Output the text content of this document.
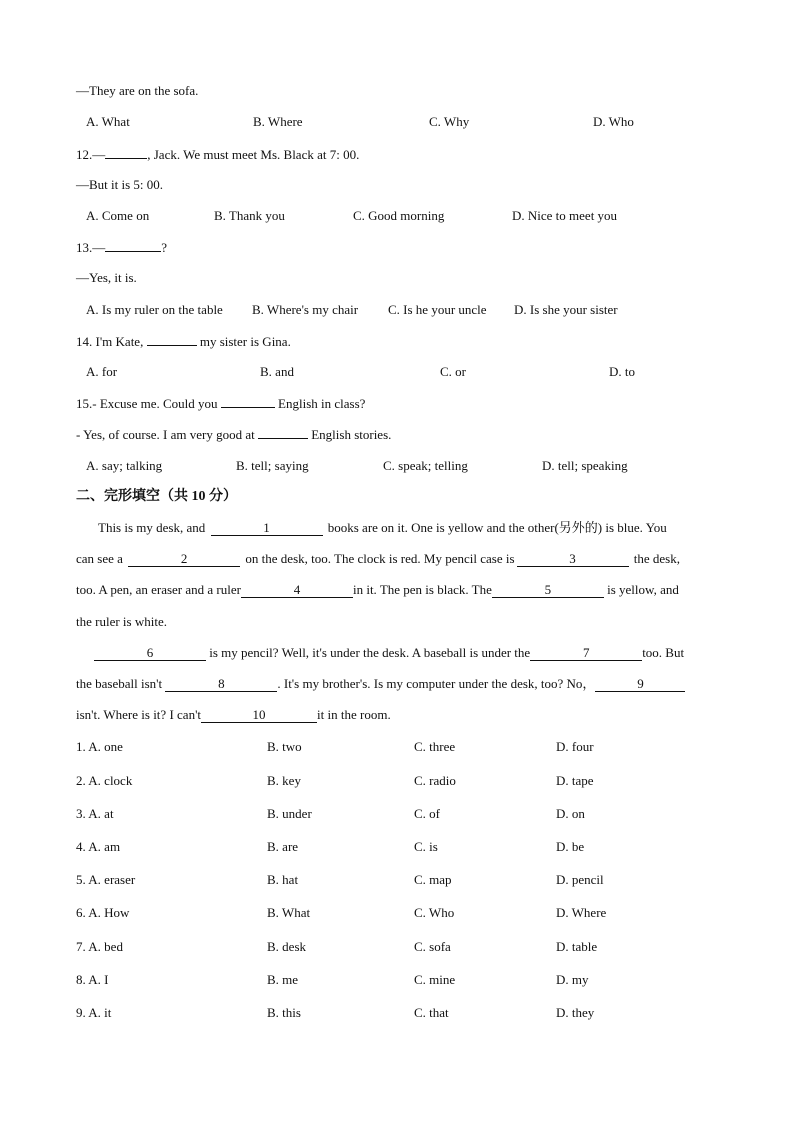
—They are on the sofa.
A. What	B. Where	C. Why	D. Who
12.—	, Jack. We must meet Ms. Black at 7: 00.
—But it is 5: 00.
A. Come on	B. Thank you	C. Good morning	D. Nice to meet you
13.—	?
—Yes, it is.
A. Is my ruler on the table B. Where's my chair C. Is he your uncle D. Is she your sister
14. I'm Kate,	my sister is Gina.
A. for	B. and	C. or	D. to
15.- Excuse me. Could you	English in class?
- Yes, of course. I am very good at	English stories.
A. say; talking	B. tell; saying	C. speak; telling	D. tell; speaking
二、完形填空（共 10 分）
This is my desk, and	1	books are on it. One is yellow and the other(另外的) is blue. You
can see a	2	on the desk, too. The clock is red. My pencil case is	3	the desk,
too. A pen, an eraser and a ruler	4	in it. The pen is black. The	5	is yellow, and
the ruler is white.
6	is my pencil? Well, it's under the desk. A baseball is under the	7	too. But
the baseball isn't	8	. It's my brother's. Is my computer under the desk, too? No，	9
isn't. Where is it? I can't	10	it in the room.
1. A. one	B. two	C. three	D. four
2. A. clock	B. key	C. radio	D. tape
3. A. at	B. under	C. of	D. on
4. A. am	B. are	C. is	D. be
5. A. eraser	B. hat	C. map	D. pencil
6. A. How	B. What	C. Who	D. Where
7. A. bed	B. desk	C. sofa	D. table
8. A. I	B. me	C. mine	D. my
9. A. it	B. this	C. that	D. they
